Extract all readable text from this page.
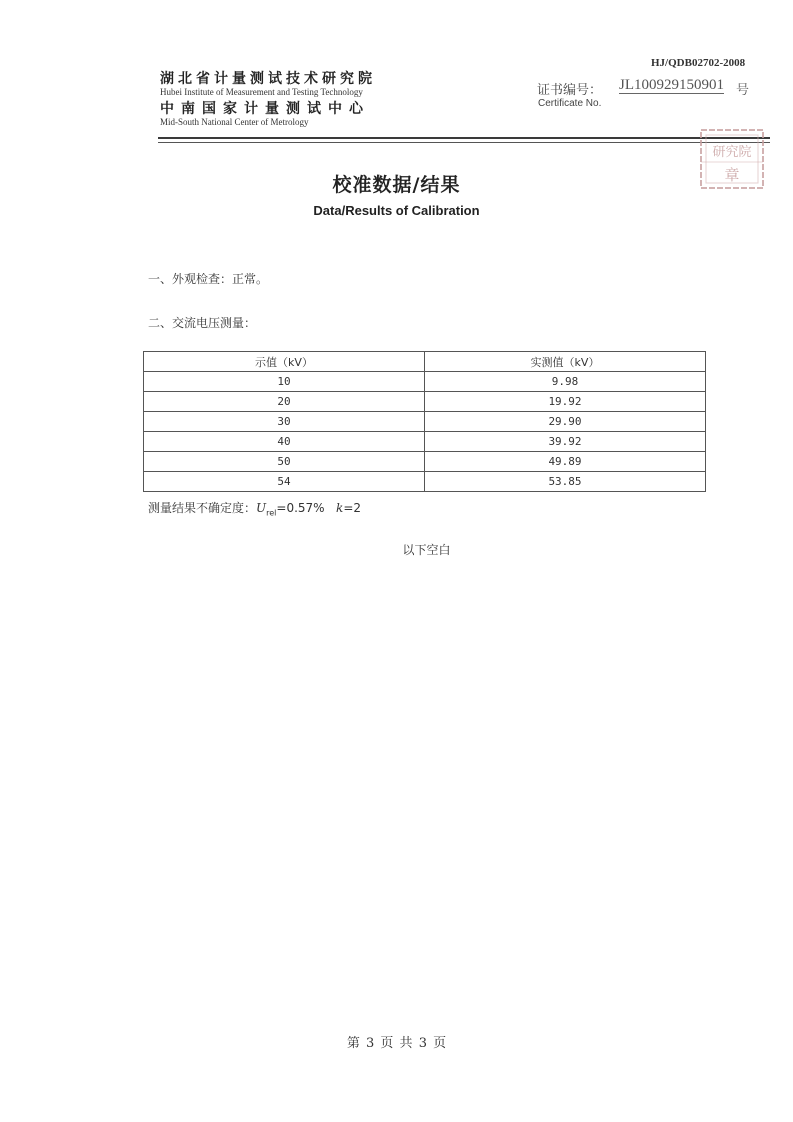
HJ/QDB02702-2008
湖北省计量测试技术研究院
Hubei Institute of Measurement and Testing Technology
中南国家计量测试中心
Mid-South National Center of Metrology
证书编号： JL100929150901 号
Certificate No.
研究院
章
校准数据/结果
Data/Results of Calibration
一、外观检查：正常。
二、交流电压测量：
示值（kV）	实测值（kV）
10	9.98
20	19.92
30	29.90
40	39.92
50	49.89
54	53.85
测量结果不确定度：$U_{rel}=0.57\%$ k=2
以下空白
第 3 页 共 3 页
